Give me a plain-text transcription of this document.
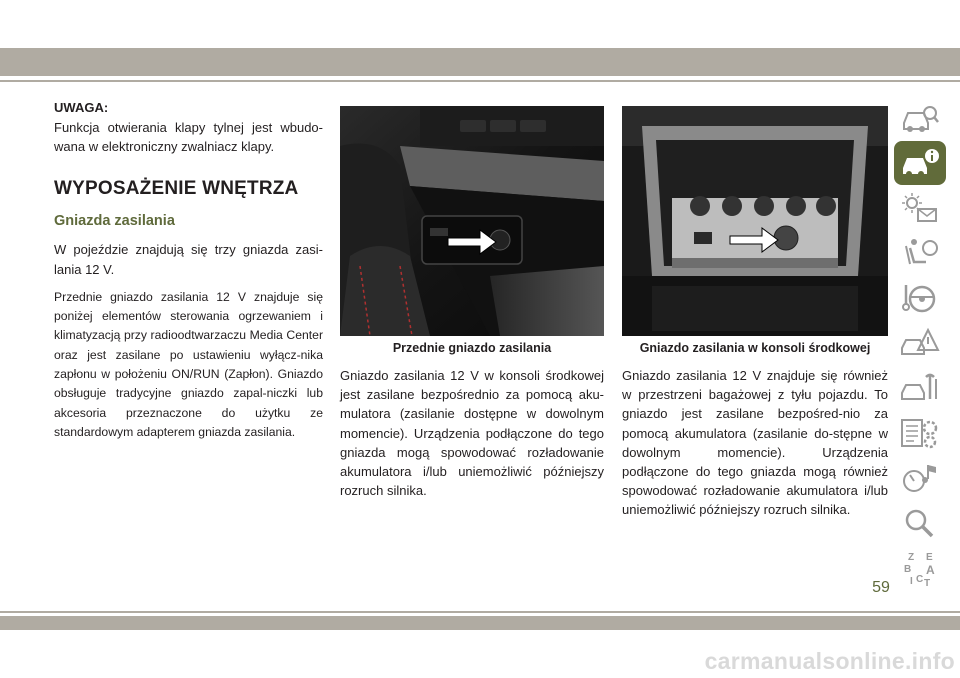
UWAGA:

Funkcja otwierania klapy tylnej jest wbudo-wana w elektroniczny zwalniacz klapy.

WYPOSAŻENIE WNĘTRZA
Gniazda zasilania

W pojeździe znajdują się trzy gniazda zasi-lania 12 V.

Przednie gniazdo zasilania 12 V znajduje się poniżej elementów sterowania ogrzewaniem i klimatyzacją przy radioodtwarzaczu Media Center oraz jest zasilane po ustawieniu wyłącz-nika zapłonu w położeniu ON/RUN (Zapłon). Gniazdo obsługuje tradycyjne gniazdo zapal-niczki lub akcesoria przeznaczone do użytku ze standardowym adapterem gniazda zasilania.

Przednie gniazdo zasilania

Gniazdo zasilania 12 V w konsoli środkowej jest zasilane bezpośrednio za pomocą aku-mulatora (zasilanie dostępne w dowolnym momencie). Urządzenia podłączone do tego gniazda mogą spowodować rozładowanie akumulatora i/lub uniemożliwić późniejszy rozruch silnika.

Gniazdo zasilania w konsoli środkowej

Gniazdo zasilania 12 V znajduje się również w przestrzeni bagażowej z tyłu pojazdu. To gniazdo jest zasilane bezpośred-nio za pomocą akumulatora (zasilanie do-stępne w dowolnym momencie). Urządzenia podłączone do tego gniazda mogą również spowodować rozładowanie akumulatora i/lub uniemożliwić późniejszy rozruch silnika.

Z E
B A
I C T
59
carmanualsonline.info
